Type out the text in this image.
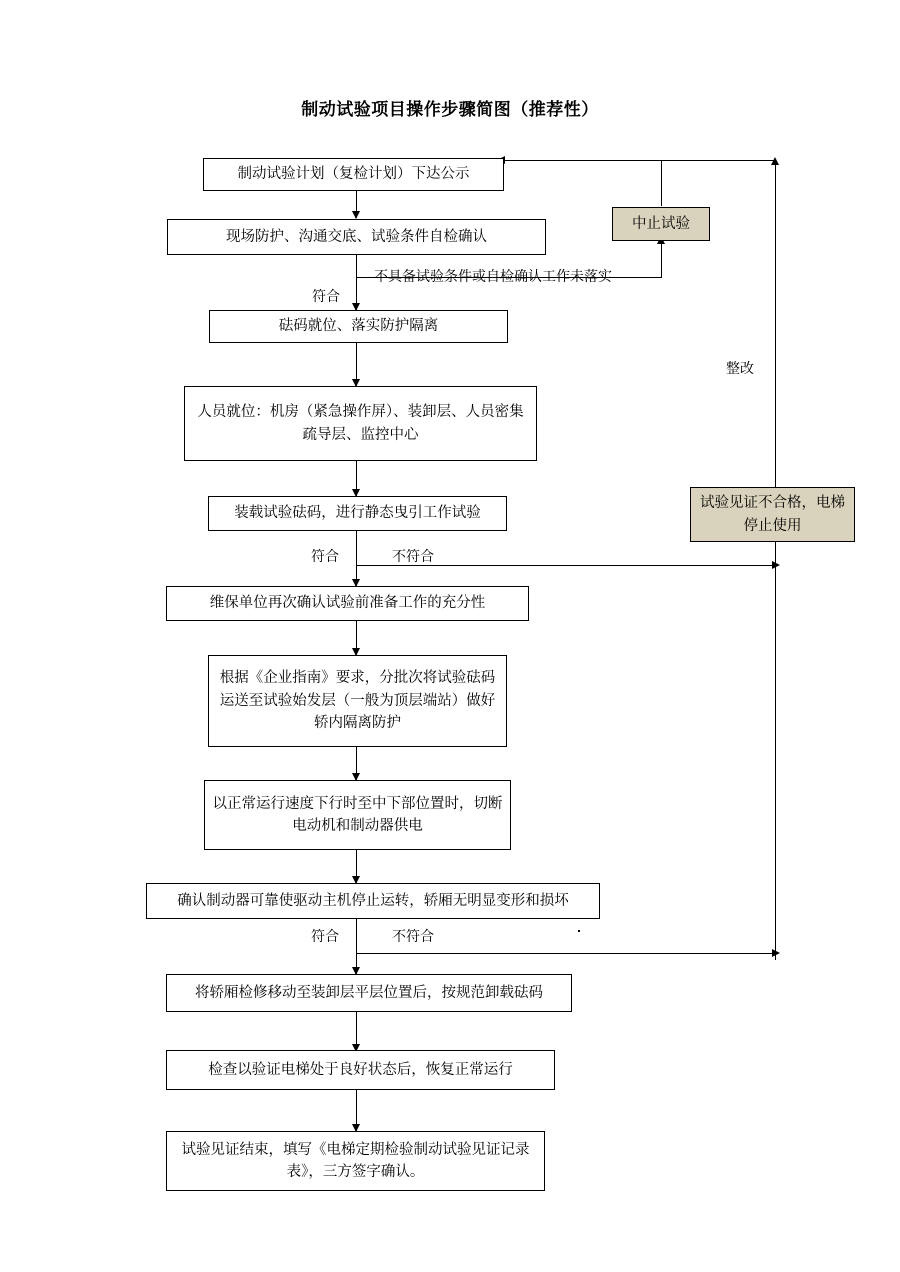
制动试验项目操作步骤简图（推荐性）
制动试验计划（复检计划）下达公示
现场防护、沟通交底、试验条件自检确认
中止试验
砝码就位、落实防护隔离
人员就位：机房（紧急操作屏）、装卸层、人员密集疏导层、监控中心
装载试验砝码，进行静态曳引工作试验
试验见证不合格，电梯停止使用
维保单位再次确认试验前准备工作的充分性
根据《企业指南》要求，分批次将试验砝码运送至试验始发层（一般为顶层端站）做好轿内隔离防护
以正常运行速度下行时至中下部位置时，切断电动机和制动器供电
确认制动器可靠使驱动主机停止运转，轿厢无明显变形和损坏
将轿厢检修移动至装卸层平层位置后，按规范卸载砝码
检查以验证电梯处于良好状态后，恢复正常运行
试验见证结束，填写《电梯定期检验制动试验见证记录表》，三方签字确认。
不具备试验条件或自检确认工作未落实
符合
符合	不符合
符合	不符合
整改
